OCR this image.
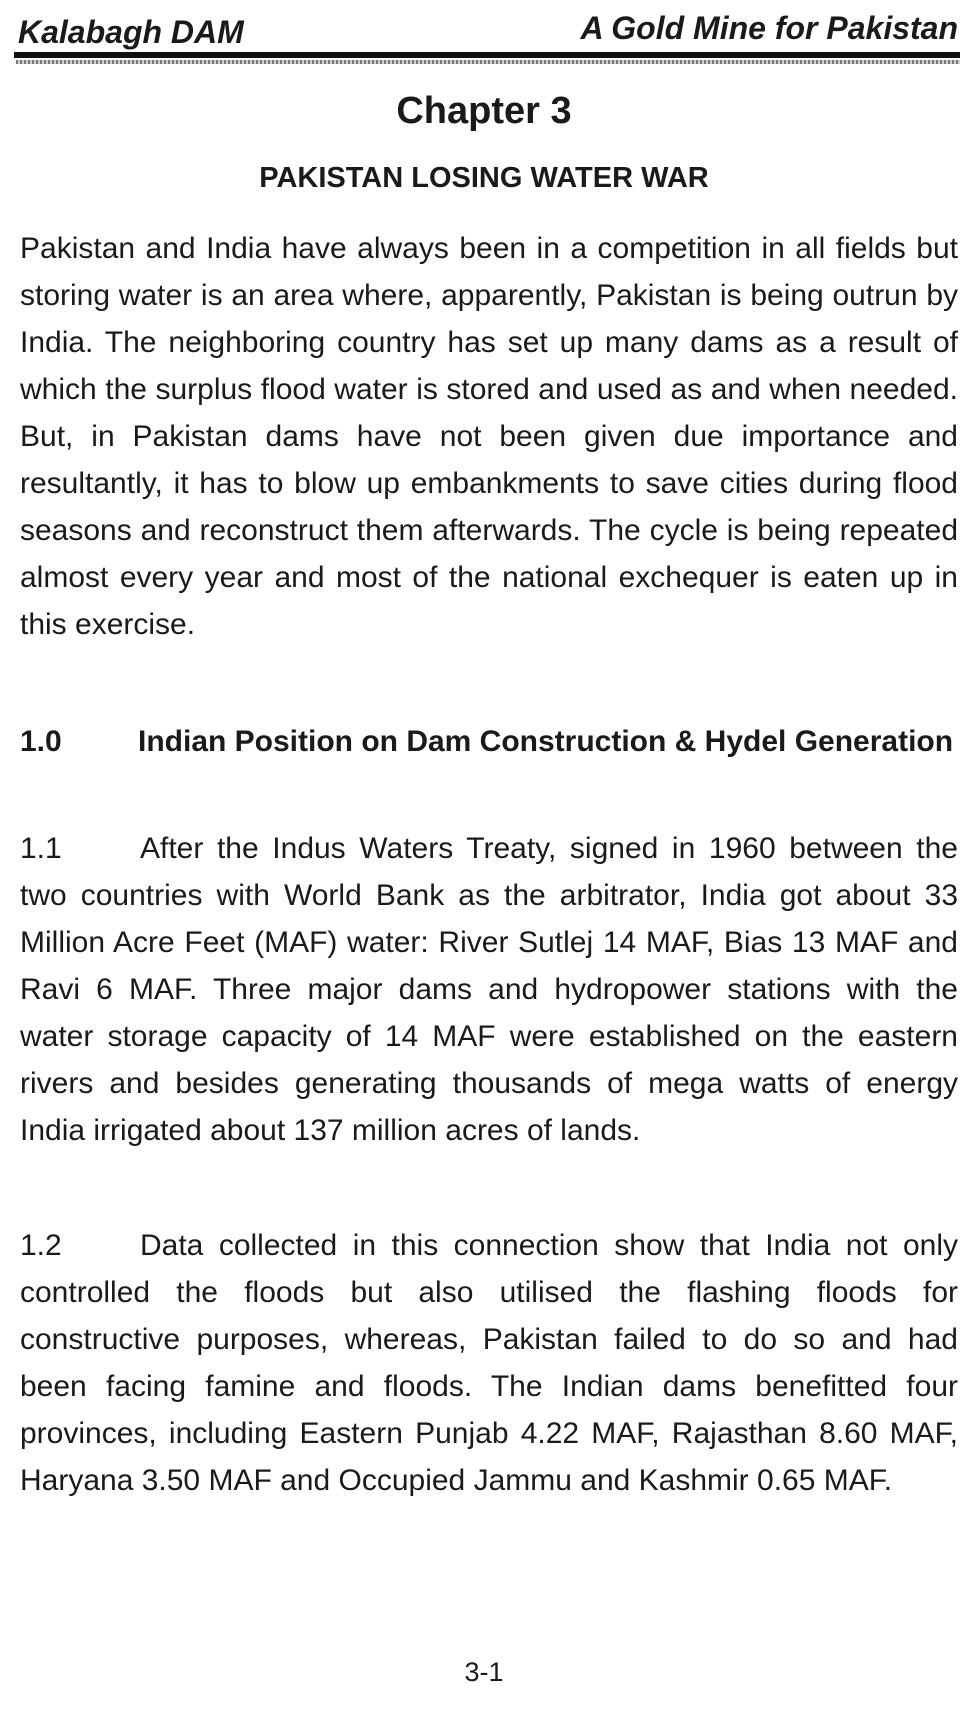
Kalabagh DAM	A Gold Mine for Pakistan
Chapter 3
PAKISTAN LOSING WATER WAR

Pakistan and India have always been in a competition in all fields but storing water is an area where, apparently, Pakistan is being outrun by India. The neighboring country has set up many dams as a result of which the surplus flood water is stored and used as and when needed. But, in Pakistan dams have not been given due importance and resultantly, it has to blow up embankments to save cities during flood seasons and reconstruct them afterwards. The cycle is being repeated almost every year and most of the national exchequer is eaten up in this exercise.

1.0	Indian Position on Dam Construction & Hydel Generation

1.1	After the Indus Waters Treaty, signed in 1960 between the two countries with World Bank as the arbitrator, India got about 33 Million Acre Feet (MAF) water: River Sutlej 14 MAF, Bias 13 MAF and Ravi 6 MAF. Three major dams and hydropower stations with the water storage capacity of 14 MAF were established on the eastern rivers and besides generating thousands of mega watts of energy India irrigated about 137 million acres of lands.

1.2	Data collected in this connection show that India not only controlled the floods but also utilised the flashing floods for constructive purposes, whereas, Pakistan failed to do so and had been facing famine and floods. The Indian dams benefitted four provinces, including Eastern Punjab 4.22 MAF, Rajasthan 8.60 MAF, Haryana 3.50 MAF and Occupied Jammu and Kashmir 0.65 MAF.

3-1
